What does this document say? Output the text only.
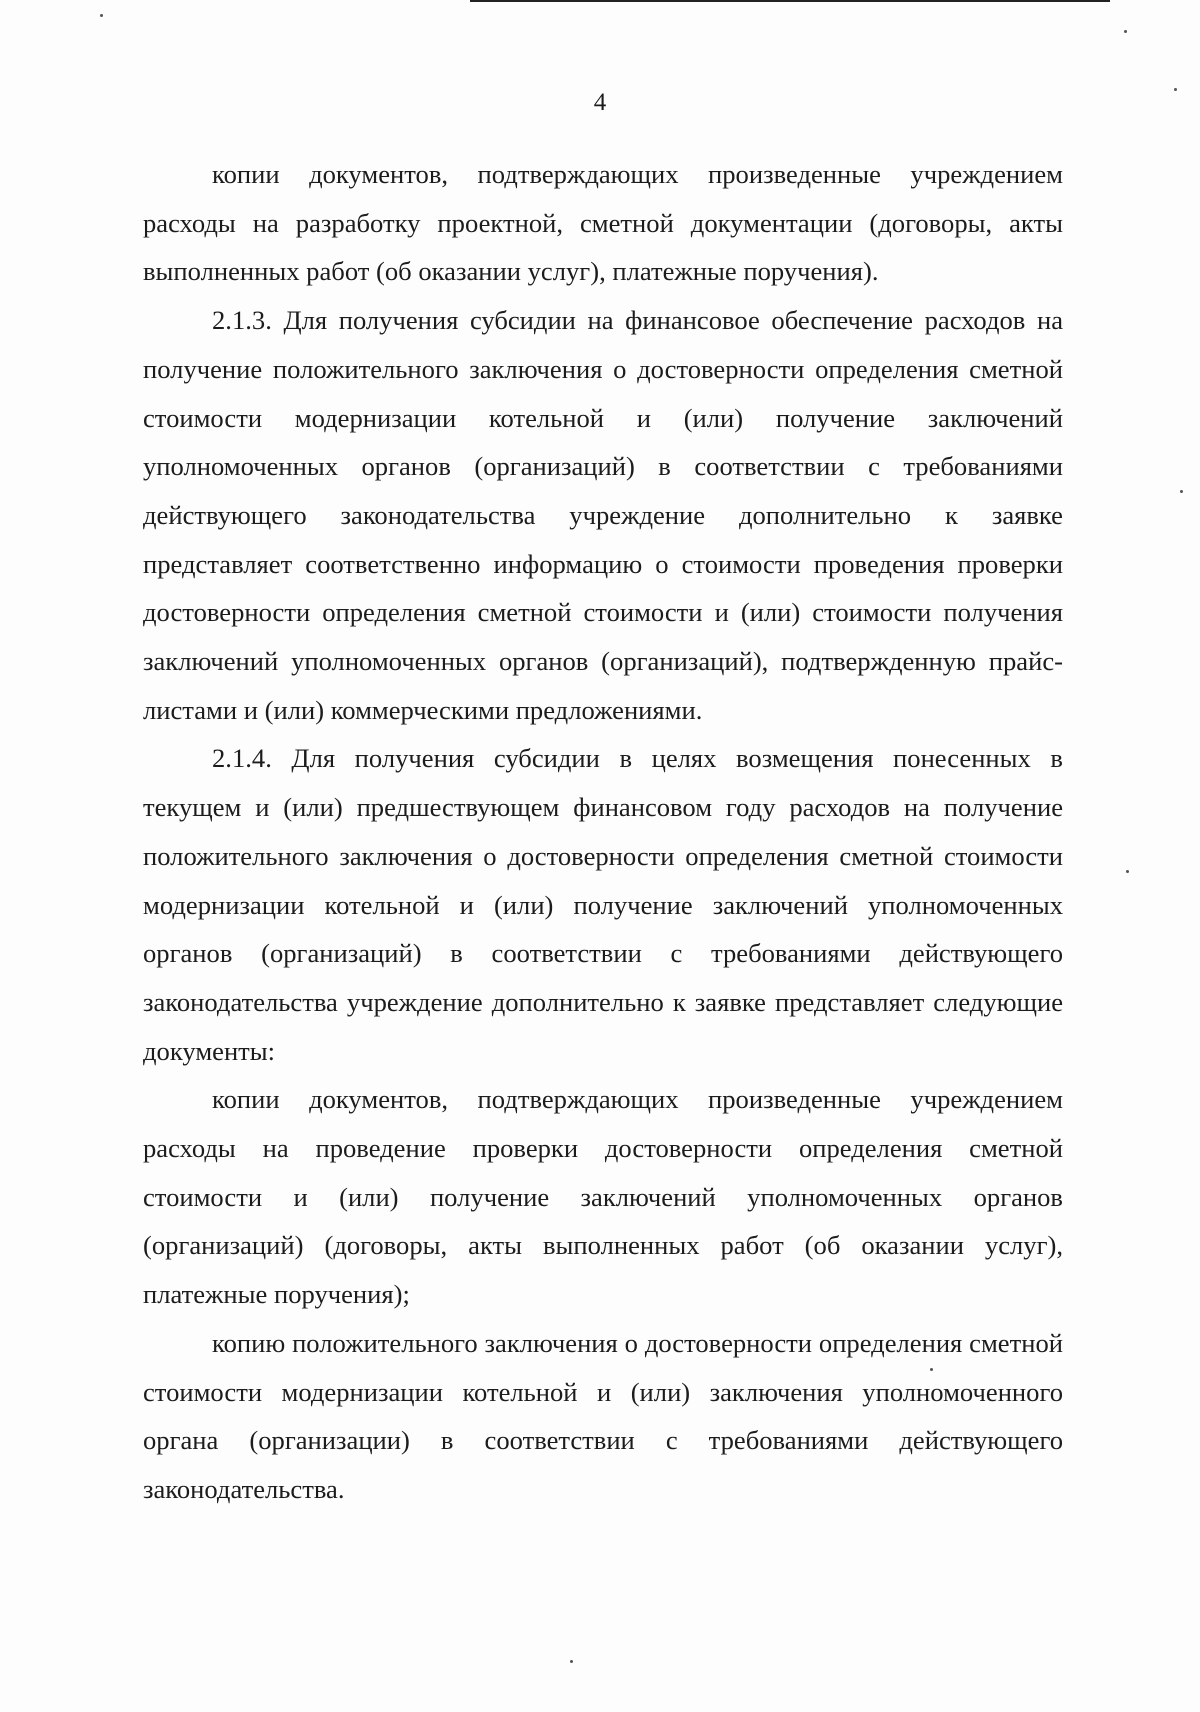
4

копии документов, подтверждающих произведенные учреждением расходы на разработку проектной, сметной документации (договоры, акты выполненных работ (об оказании услуг), платежные поручения).

2.1.3. Для получения субсидии на финансовое обеспечение расходов на получение положительного заключения о достоверности определения сметной стоимости модернизации котельной и (или) получение заключений уполномоченных органов (организаций) в соответствии с требованиями действующего законодательства учреждение дополнительно к заявке представляет соответственно информацию о стоимости проведения проверки достоверности определения сметной стоимости и (или) стоимости получения заключений уполномоченных органов (организаций), подтвержденную прайс-листами и (или) коммерческими предложениями.

2.1.4. Для получения субсидии в целях возмещения понесенных в текущем и (или) предшествующем финансовом году расходов на получение положительного заключения о достоверности определения сметной стоимости модернизации котельной и (или) получение заключений уполномоченных органов (организаций) в соответствии с требованиями действующего законодательства учреждение дополнительно к заявке представляет следующие документы:

копии документов, подтверждающих произведенные учреждением расходы на проведение проверки достоверности определения сметной стоимости и (или) получение заключений уполномоченных органов (организаций) (договоры, акты выполненных работ (об оказании услуг), платежные поручения);

копию положительного заключения о достоверности определения сметной стоимости модернизации котельной и (или) заключения уполномоченного органа (организации) в соответствии с требованиями действующего законодательства.
